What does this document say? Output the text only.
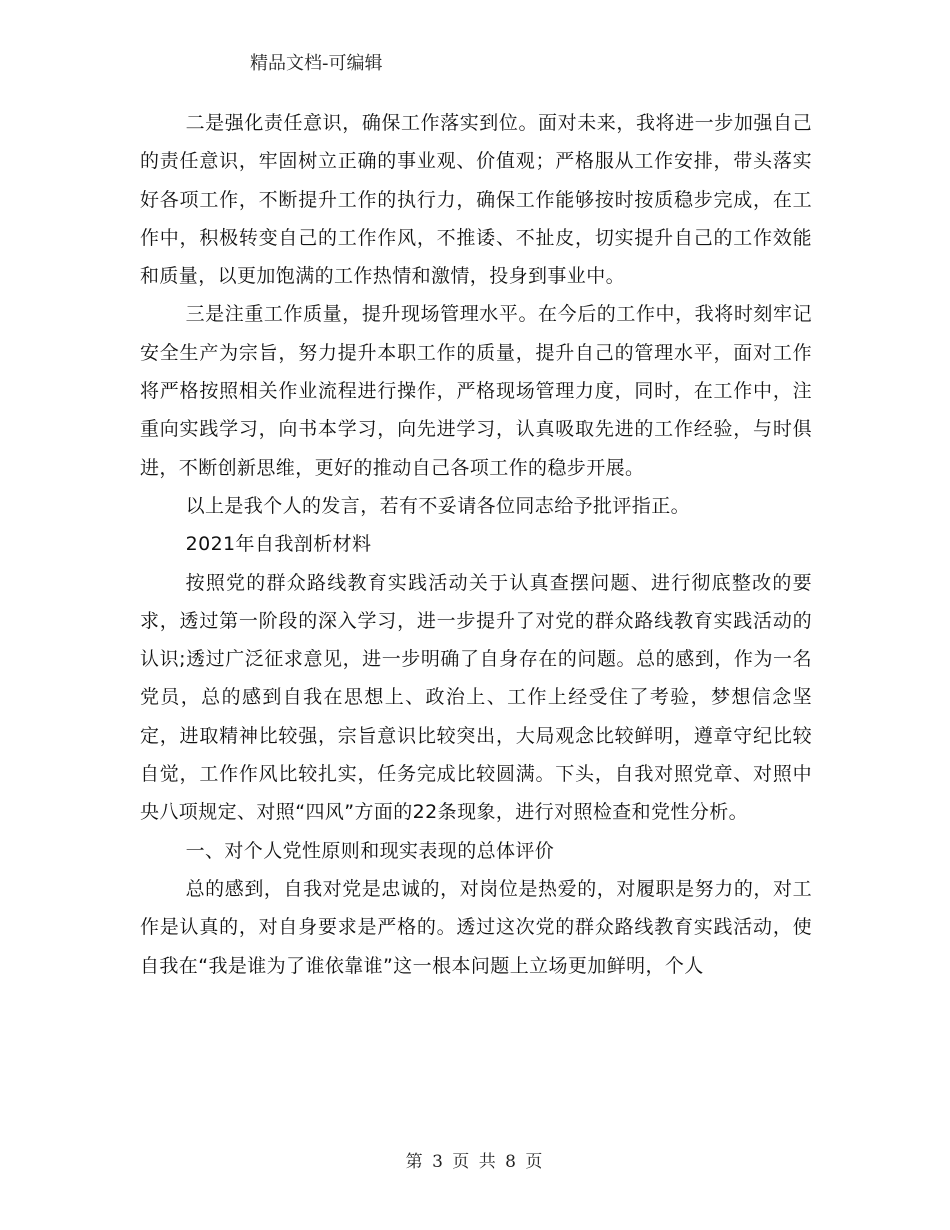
精品文档-可编辑

二是强化责任意识，确保工作落实到位。面对未来，我将进一步加强自己的责任意识，牢固树立正确的事业观、价值观；严格服从工作安排，带头落实好各项工作，不断提升工作的执行力，确保工作能够按时按质稳步完成，在工作中，积极转变自己的工作作风，不推诿、不扯皮，切实提升自己的工作效能和质量，以更加饱满的工作热情和激情，投身到事业中。

三是注重工作质量，提升现场管理水平。在今后的工作中，我将时刻牢记安全生产为宗旨，努力提升本职工作的质量，提升自己的管理水平，面对工作将严格按照相关作业流程进行操作，严格现场管理力度，同时，在工作中，注重向实践学习，向书本学习，向先进学习，认真吸取先进的工作经验，与时俱进，不断创新思维，更好的推动自己各项工作的稳步开展。

以上是我个人的发言，若有不妥请各位同志给予批评指正。

2021年自我剖析材料

按照党的群众路线教育实践活动关于认真查摆问题、进行彻底整改的要求，透过第一阶段的深入学习，进一步提升了对党的群众路线教育实践活动的认识;透过广泛征求意见，进一步明确了自身存在的问题。总的感到，作为一名党员，总的感到自我在思想上、政治上、工作上经受住了考验，梦想信念坚定，进取精神比较强，宗旨意识比较突出，大局观念比较鲜明，遵章守纪比较自觉，工作作风比较扎实，任务完成比较圆满。下头，自我对照党章、对照中央八项规定、对照“四风”方面的22条现象，进行对照检查和党性分析。

一、对个人党性原则和现实表现的总体评价

总的感到，自我对党是忠诚的，对岗位是热爱的，对履职是努力的，对工作是认真的，对自身要求是严格的。透过这次党的群众路线教育实践活动，使自我在“我是谁为了谁依靠谁”这一根本问题上立场更加鲜明，个人

第 3 页 共 8 页
